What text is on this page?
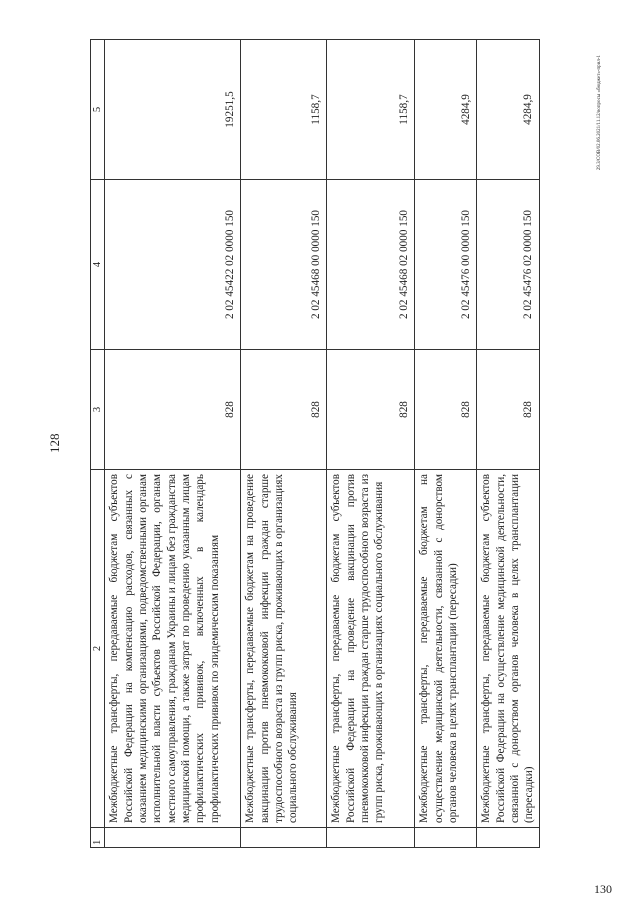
128

1	2	3	4	5
	Межбюджетные трансферты, передаваемые бюджетам субъектов Российской Федерации на компенсацию расходов, связанных с оказанием медицинскими организациями, подведомственными органам исполнительной власти субъектов Российской Федерации, органам местного самоуправления, гражданам Украины и лицам без гражданства медицинской помощи, а также затрат по проведению указанным лицам профилактических прививок, включенных в календарь профилактических прививок по эпидемическим показаниям	828	2 02 45422 02 0000 150	19251,5
	Межбюджетные трансферты, передаваемые бюджетам на проведение вакцинации против пневмококковой инфекции граждан старше трудоспособного возраста из групп риска, проживающих в организациях социального обслуживания	828	2 02 45468 00 0000 150	1158,7
	Межбюджетные трансферты, передаваемые бюджетам субъектов Российской Федерации на проведение вакцинации против пневмококковой инфекции граждан старше трудоспособного возраста из групп риска, проживающих в организациях социального обслуживания	828	2 02 45468 02 0000 150	1158,7
	Межбюджетные трансферты, передаваемые бюджетам на осуществление медицинской деятельности, связанной с донорством органов человека в целях трансплантации (пересадки)	828	2 02 45476 00 0000 150	4284,9
	Межбюджетные трансферты, передаваемые бюджетам субъектов Российской Федерации на осуществление медицинской деятельности, связанной с донорством органов человека в целях трансплантации (пересадки)	828	2 02 45476 02 0000 150	4284,9	29.3/СОВ/02.06.2021/11.12/вопросы «бюджет»-прил-1

130
